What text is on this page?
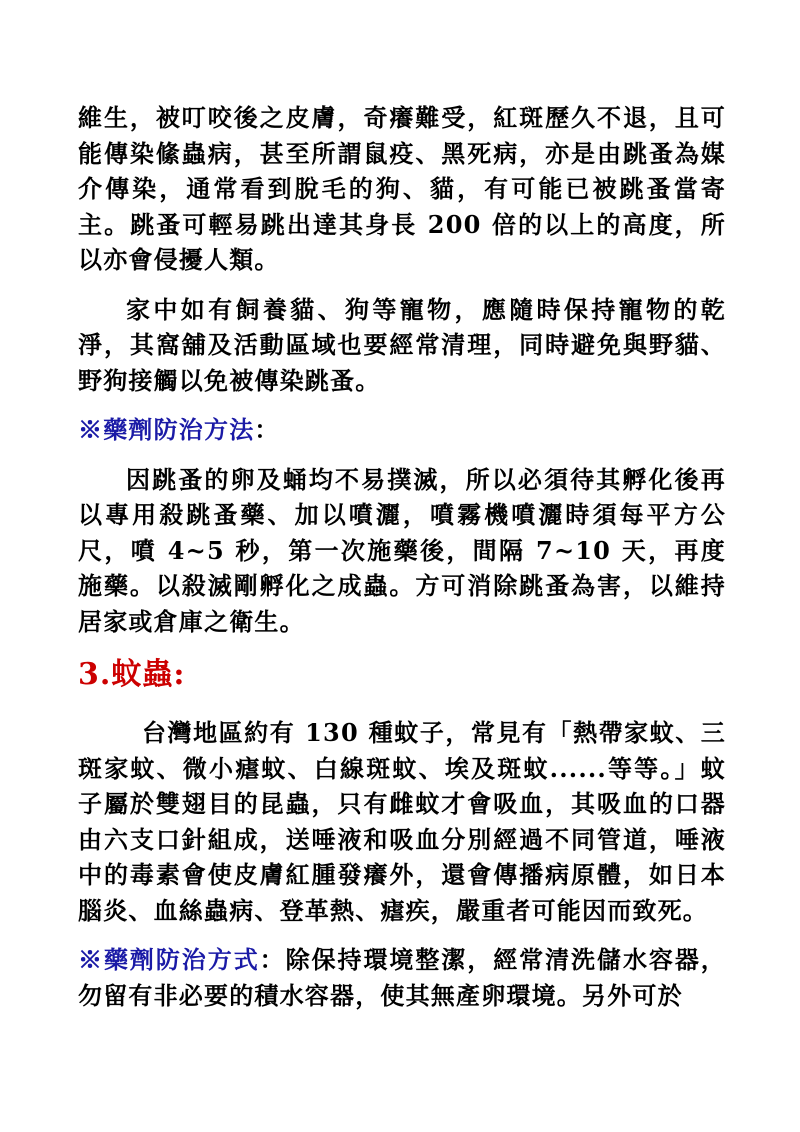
維生，被叮咬後之皮膚，奇癢難受，紅斑歷久不退，且可能傳染絛蟲病，甚至所謂鼠疫、黑死病，亦是由跳蚤為媒介傳染，通常看到脫毛的狗、貓，有可能已被跳蚤當寄主。跳蚤可輕易跳出達其身長 200 倍的以上的高度，所以亦會侵擾人類。

家中如有飼養貓、狗等寵物，應隨時保持寵物的乾淨，其窩舖及活動區域也要經常清理，同時避免與野貓、野狗接觸以免被傳染跳蚤。

※藥劑防治方法：

因跳蚤的卵及蛹均不易撲滅，所以必須待其孵化後再以專用殺跳蚤藥、加以噴灑，噴霧機噴灑時須每平方公尺，噴 4~5 秒，第一次施藥後，間隔 7~10 天，再度施藥。以殺滅剛孵化之成蟲。方可消除跳蚤為害，以維持居家或倉庫之衛生。

3.蚊蟲:

台灣地區約有 130 種蚊子，常見有「熱帶家蚊、三斑家蚊、微小瘧蚊、白線斑蚊、埃及斑蚊......等等。」蚊子屬於雙翅目的昆蟲，只有雌蚊才會吸血，其吸血的口器由六支口針組成，送唾液和吸血分別經過不同管道，唾液中的毒素會使皮膚紅腫發癢外，還會傳播病原體，如日本腦炎、血絲蟲病、登革熱、瘧疾，嚴重者可能因而致死。

※藥劑防治方式：除保持環境整潔，經常清洗儲水容器，勿留有非必要的積水容器，使其無產卵環境。另外可於
